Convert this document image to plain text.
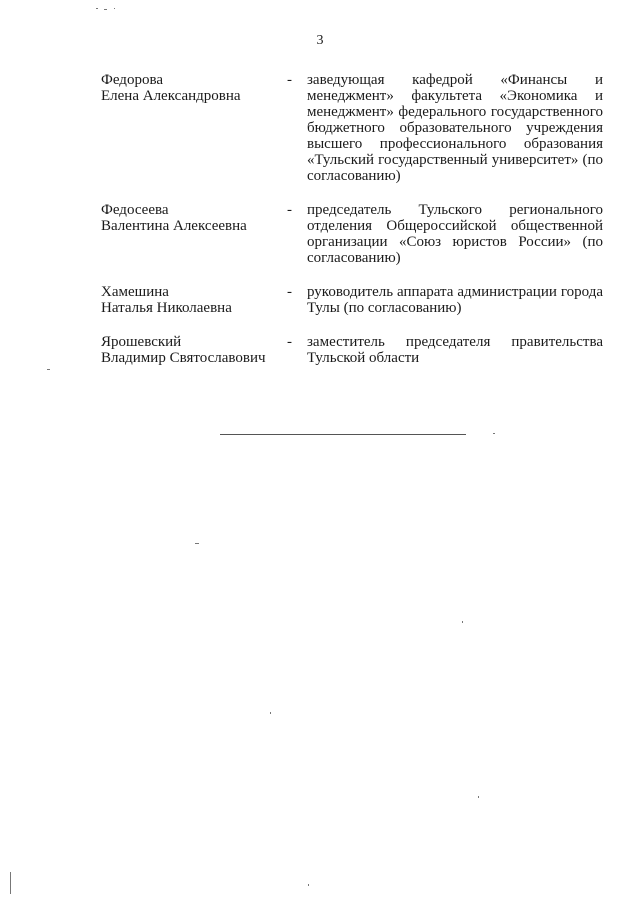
3
Федорова
Елена Александровна
- заведующая кафедрой «Финансы и менеджмент» факультета «Экономика и менеджмент» федерального государственного бюджетного образовательного учреждения высшего профессионального образования «Тульский государственный университет» (по согласованию)
Федосеева
Валентина Алексеевна
- председатель Тульского регионального отделения Общероссийской общественной организации «Союз юристов России» (по согласованию)
Хамешина
Наталья Николаевна
- руководитель аппарата администрации города Тулы (по согласованию)
Ярошевский
Владимир Святославович
- заместитель председателя правительства Тульской области
